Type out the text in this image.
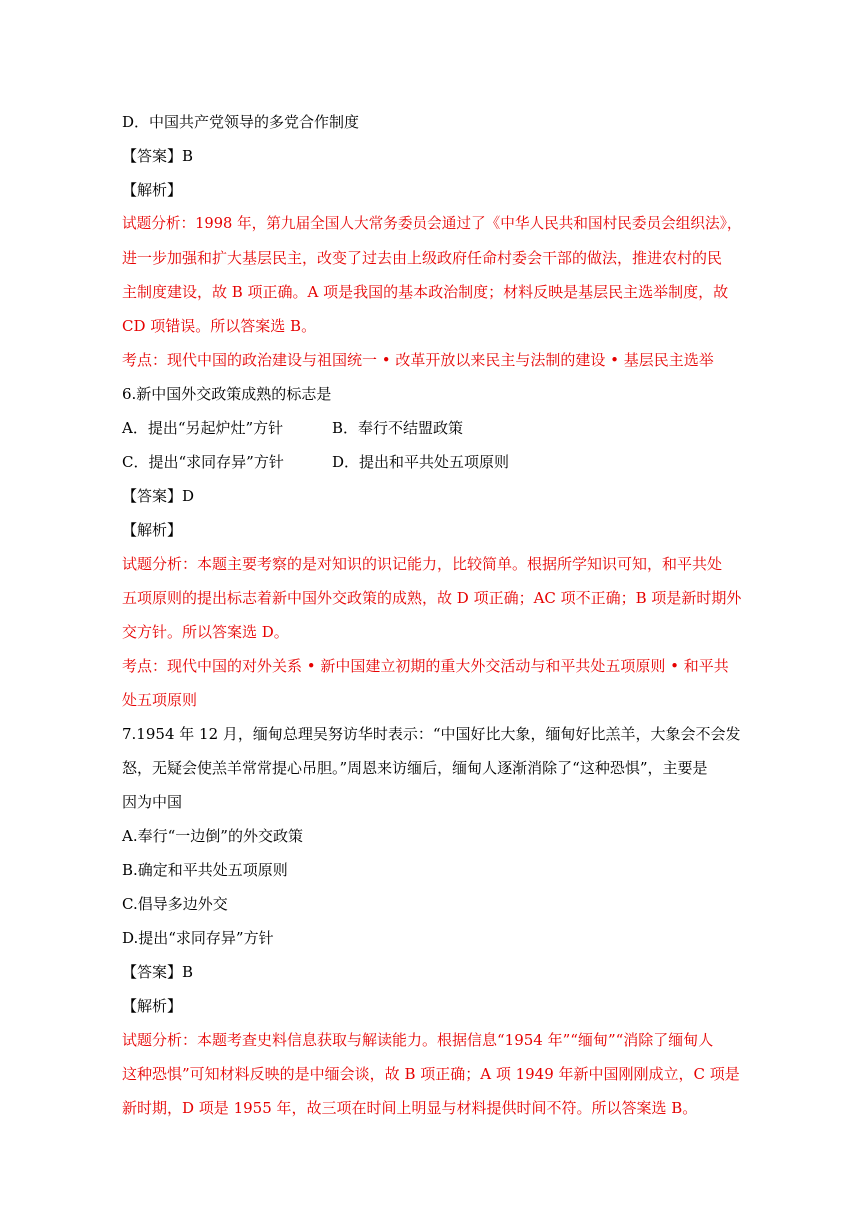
D．中国共产党领导的多党合作制度
【答案】B
【解析】
试题分析：1998 年，第九届全国人大常务委员会通过了《中华人民共和国村民委员会组织法》，
进一步加强和扩大基层民主，改变了过去由上级政府任命村委会干部的做法，推进农村的民
主制度建设，故 B 项正确。A 项是我国的基本政治制度；材料反映是基层民主选举制度，故
CD 项错误。所以答案选 B。
考点：现代中国的政治建设与祖国统一 • 改革开放以来民主与法制的建设 • 基层民主选举
6.新中国外交政策成熟的标志是
A．提出“另起炉灶”方针	B．奉行不结盟政策
C．提出“求同存异”方针	D．提出和平共处五项原则
【答案】D
【解析】
试题分析：本题主要考察的是对知识的识记能力，比较简单。根据所学知识可知，和平共处
五项原则的提出标志着新中国外交政策的成熟，故 D 项正确；AC 项不正确；B 项是新时期外
交方针。所以答案选 D。
考点：现代中国的对外关系 • 新中国建立初期的重大外交活动与和平共处五项原则 • 和平共
处五项原则
7.1954 年 12 月，缅甸总理吴努访华时表示：“中国好比大象，缅甸好比羔羊，大象会不会发
怒，无疑会使羔羊常常提心吊胆。”周恩来访缅后，缅甸人逐渐消除了“这种恐惧”，主要是
因为中国
A.奉行“一边倒”的外交政策
B.确定和平共处五项原则
C.倡导多边外交
D.提出“求同存异”方针
【答案】B
【解析】
试题分析：本题考查史料信息获取与解读能力。根据信息“1954 年”“缅甸”“消除了缅甸人
这种恐惧”可知材料反映的是中缅会谈，故 B 项正确；A 项 1949 年新中国刚刚成立，C 项是
新时期，D 项是 1955 年，故三项在时间上明显与材料提供时间不符。所以答案选 B。
